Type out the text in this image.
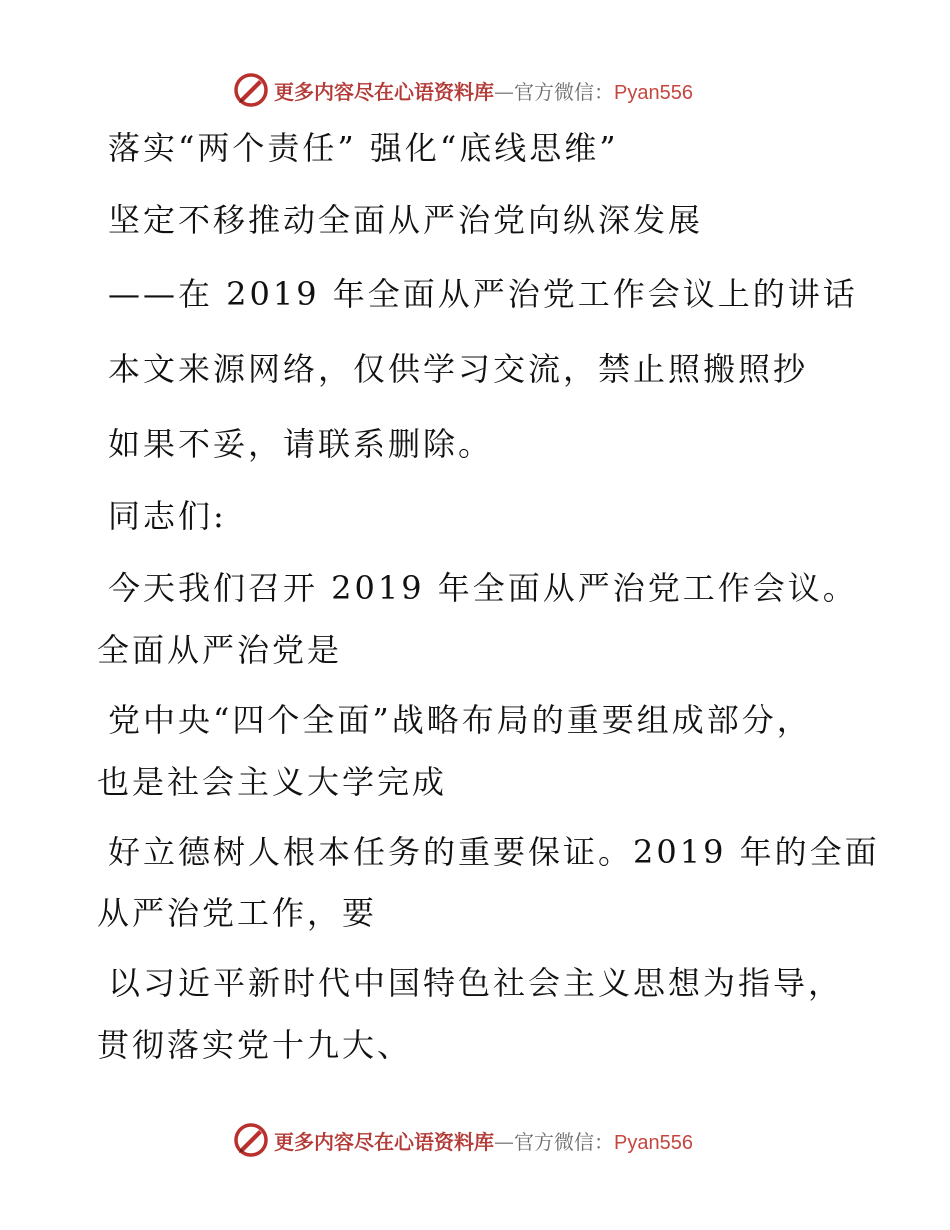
更多内容尽在心语资料库—官方微信：Pyan556
落实“两个责任” 强化“底线思维”
坚定不移推动全面从严治党向纵深发展
——在 2019 年全面从严治党工作会议上的讲话
本文来源网络，仅供学习交流，禁止照搬照抄
如果不妥，请联系删除。
同志们:
今天我们召开 2019 年全面从严治党工作会议。
全面从严治党是
党中央“四个全面”战略布局的重要组成部分，
也是社会主义大学完成
好立德树人根本任务的重要保证。2019 年的全面
从严治党工作，要
以习近平新时代中国特色社会主义思想为指导，
贯彻落实党十九大、
更多内容尽在心语资料库—官方微信：Pyan556
